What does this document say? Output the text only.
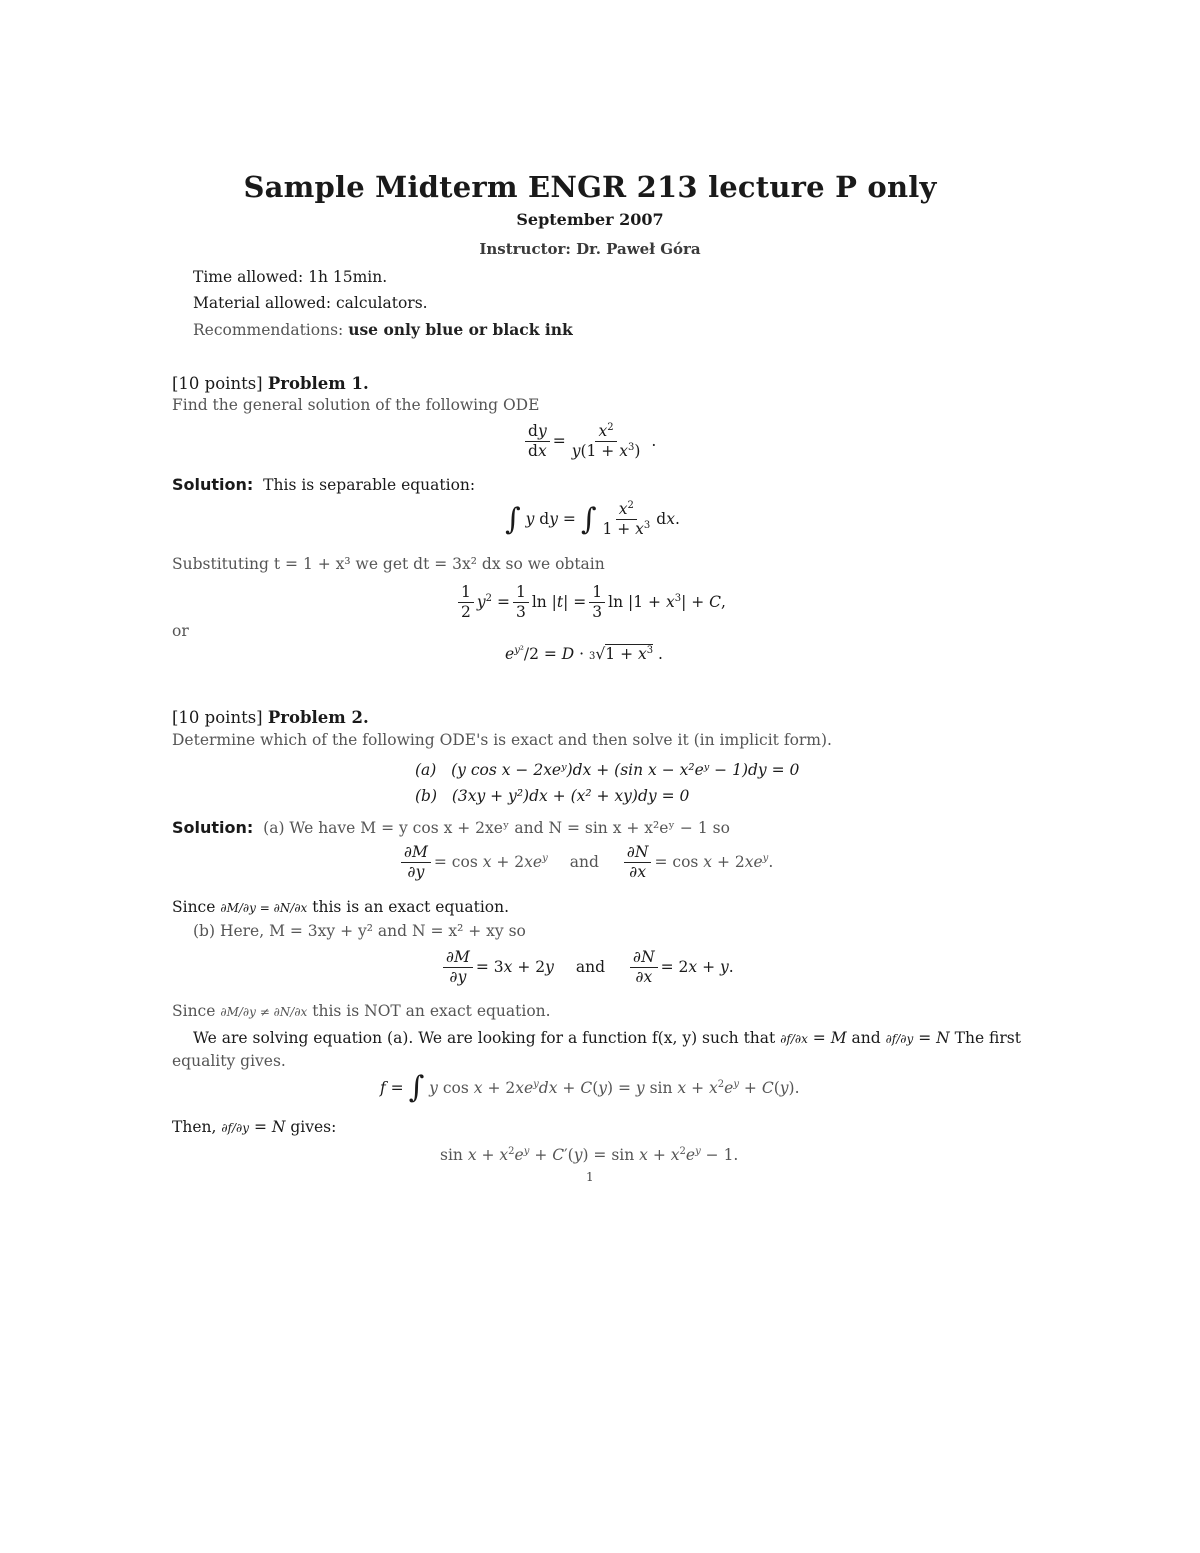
Sample Midterm ENGR 213 lecture P only
September 2007
Instructor: Dr. Paweł Góra
Time allowed: 1h 15min.
Material allowed: calculators.
Recommendations: use only blue or black ink
[10 points] Problem 1.
Find the general solution of the following ODE
$\frac{dy}{dx} = \frac{x^2}{y(1 + x^3)}$ .
Solution: This is separable equation:
∫ y dy = ∫ $\frac{x^2}{1 + x^3}$ dx.
Substituting t = 1 + x³ we get dt = 3x² dx so we obtain
$\frac{1}{2} y^2 = \frac{1}{3}$ $\ln |t| = \frac{1}{3}$ $\ln |1 + x^3| + C$,
or
$e^{y^2}/2 = D \cdot 3√1 + x^3$ .
[10 points] Problem 2.
Determine which of the following ODE's is exact and then solve it (in implicit form).
(a) (y cos x − 2xeʸ)dx + (sin x − x²eʸ − 1)dy = 0
(b) (3xy + y²)dx + (x² + xy)dy = 0
Solution: (a) We have M = y cos x + 2xeʸ and N = sin x + x²eʸ − 1 so
$\frac{\partial M}{\partial y} = \cos x + 2xe^y$ and $\frac{\partial N}{\partial x} = \cos x + 2xe^y$.
Since ∂M/∂y = ∂N/∂x this is an exact equation.
(b) Here, M = 3xy + y² and N = x² + xy so
$\frac{\partial M}{\partial y} = 3x + 2y$ and $\frac{\partial N}{\partial x} = 2x + y$.
Since ∂M/∂y ≠ ∂N/∂x this is NOT an exact equation.
We are solving equation (a). We are looking for a function f(x, y) such that ∂f/∂x = M and ∂f/∂y = N The first
equality gives.
f = ∫ y $\cos x + 2xe^ydx + C(y) = y$ $\sin x + x^2e^y + C(y)$.
Then, ∂f/∂y = N gives:
$\sin x + x^2e^y + C'(y) = \sin x + x^2e^y - 1$.
1
